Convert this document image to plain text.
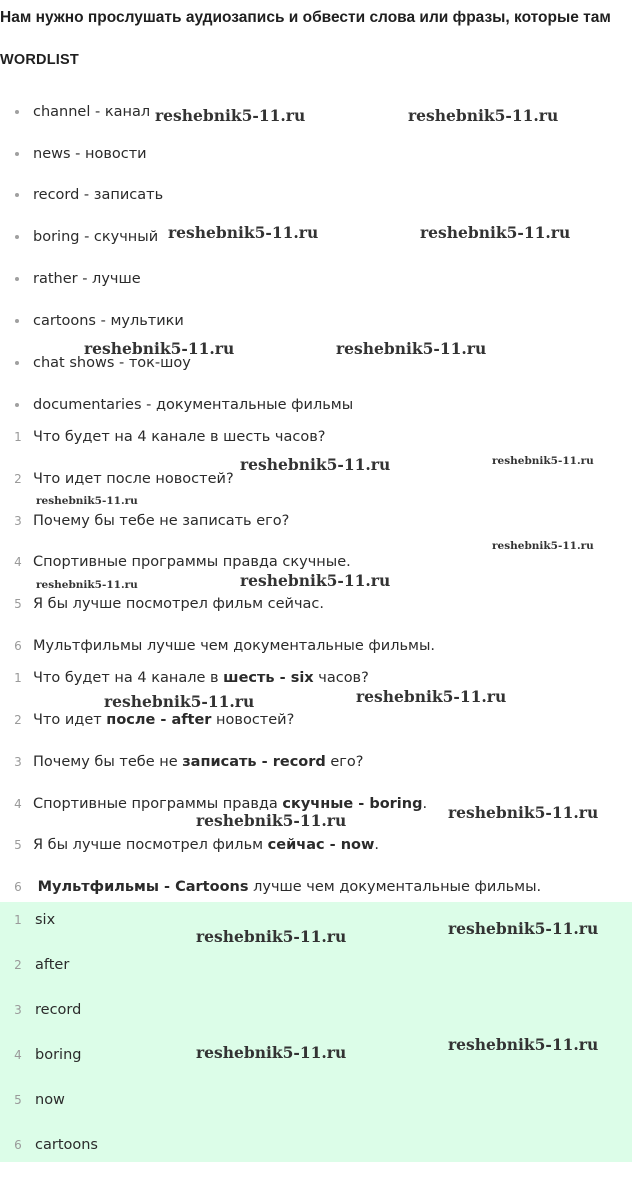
Нам нужно прослушать аудиозапись и обвести слова или фразы, которые там
WORDLIST
channel - канал
news - новости
record - записать
boring - скучный
rather - лучше
cartoons - мультики
chat shows - ток-шоу
documentaries - документальные фильмы
1 Что будет на 4 канале в шесть часов?
2 Что идет после новостей?
3 Почему бы тебе не записать его?
4 Спортивные программы правда скучные.
5 Я бы лучше посмотрел фильм сейчас.
6 Мультфильмы лучше чем документальные фильмы.
1 Что будет на 4 канале в шесть - six часов?
2 Что идет после - after новостей?
3 Почему бы тебе не записать - record его?
4 Спортивные программы правда скучные - boring.
5 Я бы лучше посмотрел фильм сейчас - now.
6	Мультфильмы - Cartoons лучше чем документальные фильмы.
1 six
2 after
3 record
4 boring
5 now
6 cartoons
reshebnik5-11.ru	reshebnik5-11.ru
reshebnik5-11.ru	reshebnik5-11.ru
reshebnik5-11.ru	reshebnik5-11.ru
reshebnik5-11.ru	reshebnik5-11.ru
reshebnik5-11.ru
reshebnik5-11.ru
reshebnik5-11.ru	reshebnik5-11.ru
reshebnik5-11.ru
reshebnik5-11.ru
reshebnik5-11.ru
reshebnik5-11.ru
reshebnik5-11.ru
reshebnik5-11.ru
reshebnik5-11.ru
reshebnik5-11.ru
